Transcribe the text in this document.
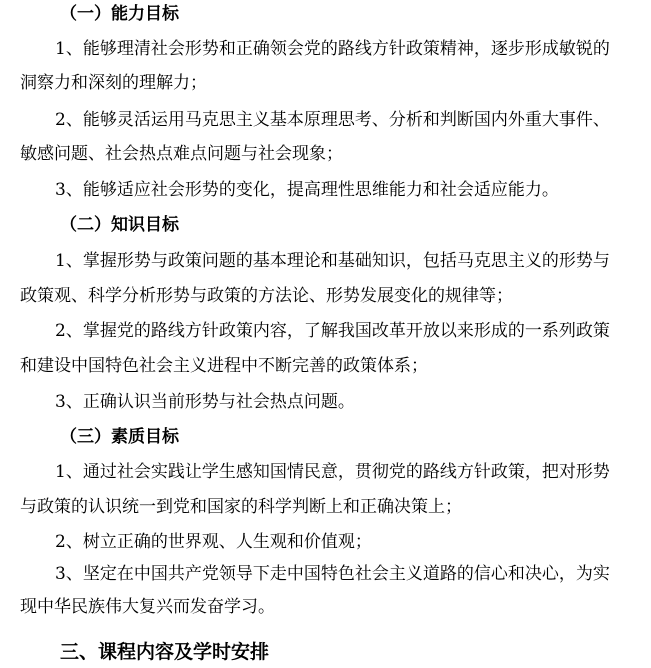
（一）能力目标
1、能够理清社会形势和正确领会党的路线方针政策精神，逐步形成敏锐的
洞察力和深刻的理解力；
2、能够灵活运用马克思主义基本原理思考、分析和判断国内外重大事件、
敏感问题、社会热点难点问题与社会现象；
3、能够适应社会形势的变化，提高理性思维能力和社会适应能力。
（二）知识目标
1、掌握形势与政策问题的基本理论和基础知识，包括马克思主义的形势与
政策观、科学分析形势与政策的方法论、形势发展变化的规律等；
2、掌握党的路线方针政策内容，了解我国改革开放以来形成的一系列政策
和建设中国特色社会主义进程中不断完善的政策体系；
3、正确认识当前形势与社会热点问题。
（三）素质目标
1、通过社会实践让学生感知国情民意，贯彻党的路线方针政策，把对形势
与政策的认识统一到党和国家的科学判断上和正确决策上；
2、树立正确的世界观、人生观和价值观；
3、坚定在中国共产党领导下走中国特色社会主义道路的信心和决心，为实
现中华民族伟大复兴而发奋学习。
三、课程内容及学时安排
